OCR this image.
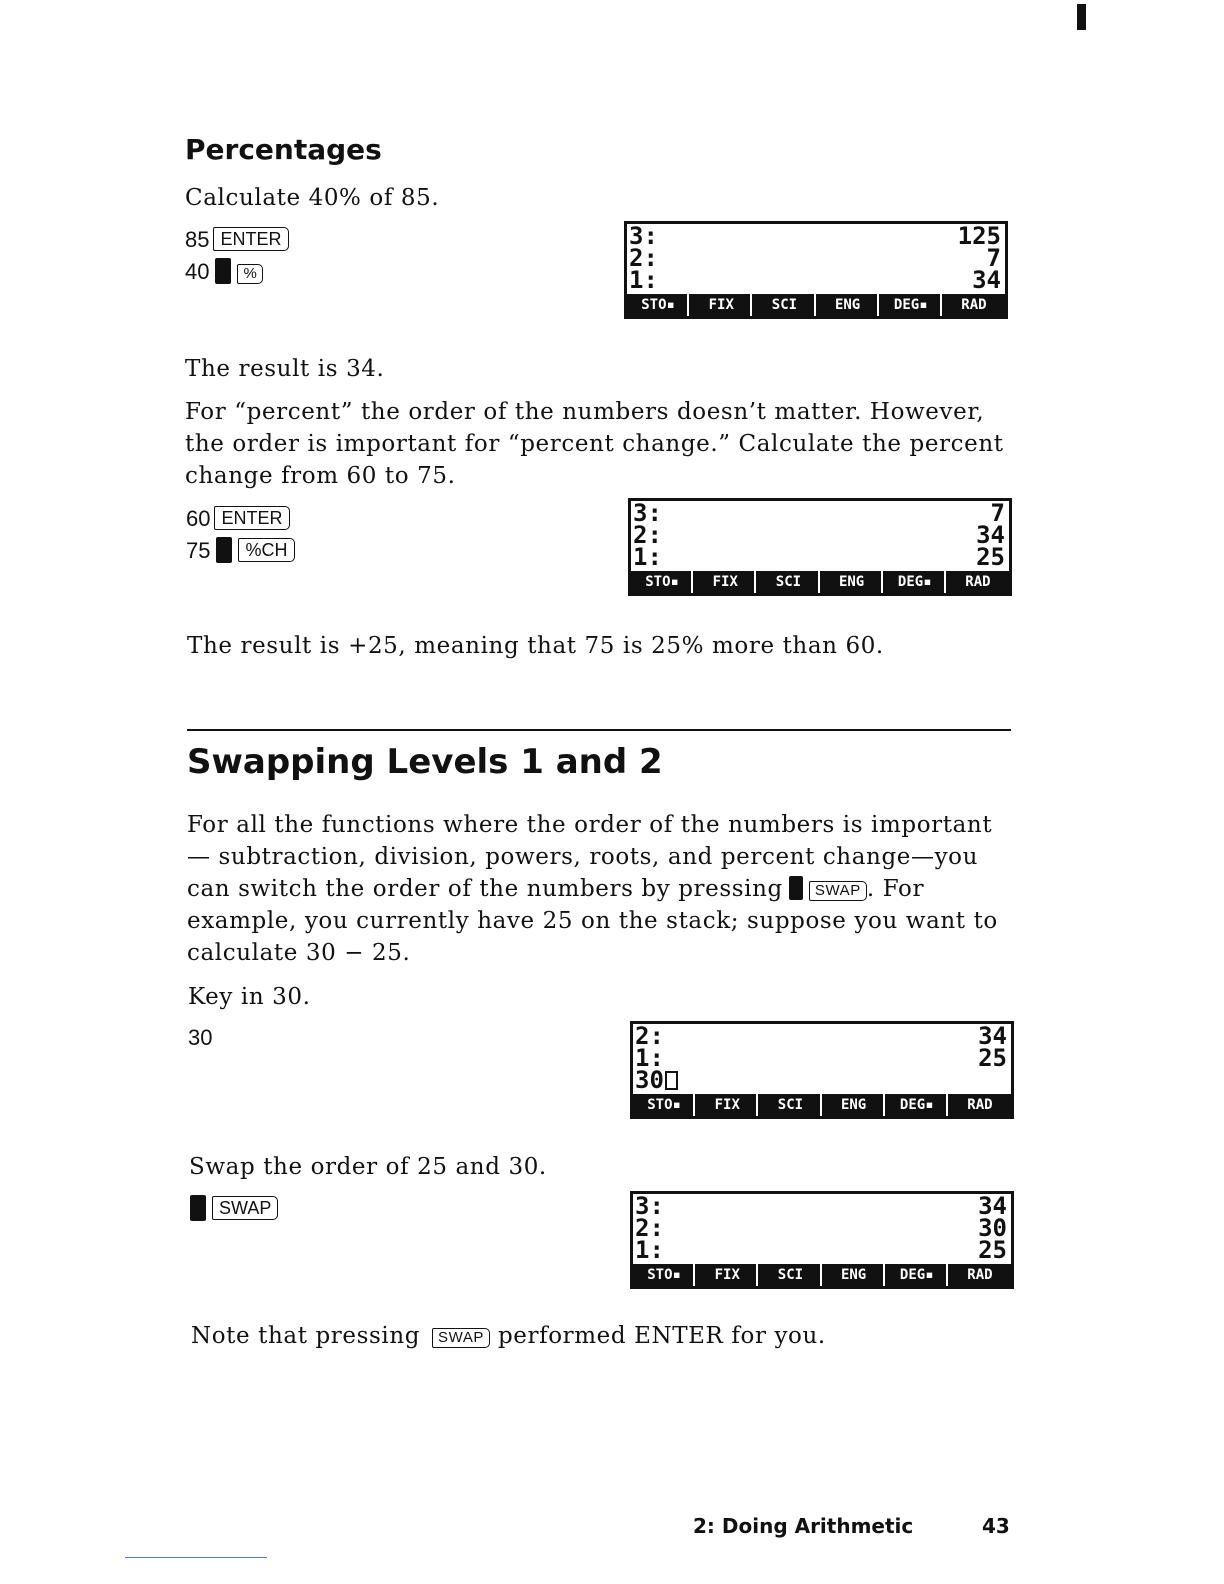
Percentages
Calculate 40% of 85.
85 ENTER
40 %
3:	125
2:	7
1:	34
STO▪	FIX	SCI	ENG	DEG▪	RAD
The result is 34.
For “percent” the order of the numbers doesn’t matter. However, the order is important for “percent change.” Calculate the percent change from 60 to 75.
60 ENTER
75 %CH
3:	7
2:	34
1:	25
STO▪	FIX	SCI	ENG	DEG▪	RAD
The result is +25, meaning that 75 is 25% more than 60.
Swapping Levels 1 and 2
For all the functions where the order of the numbers is important— subtraction, division, powers, roots, and percent change—you can switch the order of the numbers by pressing SWAP . For example, you currently have 25 on the stack; suppose you want to calculate 30 − 25.
Key in 30.
30	2:	34
1:	25
30
STO▪	FIX	SCI	ENG	DEG▪	RAD
Swap the order of 25 and 30.
SWAP	3:	34
2:	30
1:	25
STO▪	FIX	SCI	ENG	DEG▪	RAD
Note that pressing SWAP performed ENTER for you.
2: Doing Arithmetic	43
